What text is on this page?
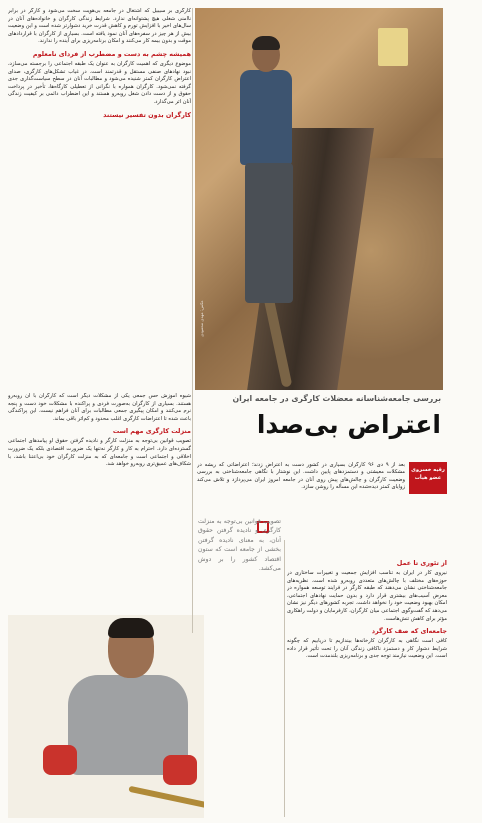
کارگری بر سیبیل که اشتغال در جامعه بی‌هویت سخت می‌شود و کارگر در برابر ناامنی شغلی هیچ پشتوانه‌ای ندارد. شرایط زندگی کارگران و خانواده‌های آنان در سال‌های اخیر با افزایش تورم و کاهش قدرت خرید دشوارتر شده است و این وضعیت بیش از هر چیز در سفره‌های آنان نمود یافته است. بسیاری از کارگران با قراردادهای موقت و بدون بیمه کار می‌کنند و امکان برنامه‌ریزی برای آینده را ندارند.

همیشه چشم به دست و مضطرب از فردای نامعلوم

موضوع دیگری که اهمیت کارگران به عنوان یک طبقه اجتماعی را برجسته می‌سازد، نبود نهادهای صنفی مستقل و قدرتمند است. در غیاب تشکل‌های کارگری، صدای اعتراض کارگران کمتر شنیده می‌شود و مطالبات آنان در سطح سیاست‌گذاری جدی گرفته نمی‌شود. کارگران همواره با نگرانی از تعطیلی کارگاه‌ها، تأخیر در پرداخت حقوق و از دست دادن شغل روبه‌رو هستند و این اضطراب دائمی بر کیفیت زندگی آنان اثر می‌گذارد.

کارگران بدون تفسیر نیستند

شیوه آموزش حس جمعی یکی از مشکلات دیگر است که کارگران با آن روبه‌رو هستند. بسیاری از کارگران به‌صورت فردی و پراکنده با مشکلات خود دست و پنجه نرم می‌کنند و امکان پیگیری جمعی مطالبات برای آنان فراهم نیست. این پراکندگی باعث شده تا اعتراضات کارگری اغلب محدود و کم‌اثر باقی بماند.

منزلت کارگری مهم است

تصویب قوانین بی‌توجه به منزلت کارگر و نادیده گرفتن حقوق او پیامدهای اجتماعی گسترده‌ای دارد. احترام به کار و کارگر نه‌تنها یک ضرورت اقتصادی بلکه یک ضرورت اخلاقی و اجتماعی است و جامعه‌ای که به منزلت کارگران خود بی‌اعتنا باشد، با شکاف‌های عمیق‌تری روبه‌رو خواهد شد.

عکس: مهدی محمودی
بررسی جامعه‌شناسانه معضلات کارگری در جامعه ایران
اعتراض بی‌صدا
رقیه خسروی
عضو هیأت
بعد از ۹ دی ۹۶ کارگران بسیاری در کشور دست به اعتراض زدند؛ اعتراضاتی که ریشه در مشکلات معیشتی و دستمزدهای پایین داشت. این نوشتار با نگاهی جامعه‌شناختی به بررسی وضعیت کارگران و چالش‌های پیش روی آنان در جامعه امروز ایران می‌پردازد و تلاش می‌کند زوایای کمتر دیده‌شده این مسأله را روشن سازد.
تصویب قوانین بی‌توجه به منزلت کارگری و نادیده گرفتن حقوق آنان، به معنای نادیده گرفتن بخشی از جامعه است که ستون اقتصاد کشور را بر دوش می‌کشد.
از تئوری تا عمل

نیروی کار در ایران به تناسب افزایش جمعیت و تغییرات ساختاری در حوزه‌های مختلف با چالش‌های متعددی روبه‌رو شده است. نظریه‌های جامعه‌شناختی نشان می‌دهند که طبقه کارگر در فرایند توسعه همواره در معرض آسیب‌های بیشتری قرار دارد و بدون حمایت نهادهای اجتماعی، امکان بهبود وضعیت خود را نخواهد داشت. تجربه کشورهای دیگر نیز نشان می‌دهد که گفت‌وگوی اجتماعی میان کارگران، کارفرمایان و دولت راهکاری مؤثر برای کاهش تنش‌هاست.

جامعه‌ای که صف کارگرد

کافی است نگاهی به کارگران کارخانه‌ها بیندازیم تا دریابیم که چگونه شرایط دشوار کار و دستمزد ناکافی زندگی آنان را تحت تأثیر قرار داده است. این وضعیت نیازمند توجه جدی و برنامه‌ریزی بلندمدت است.
